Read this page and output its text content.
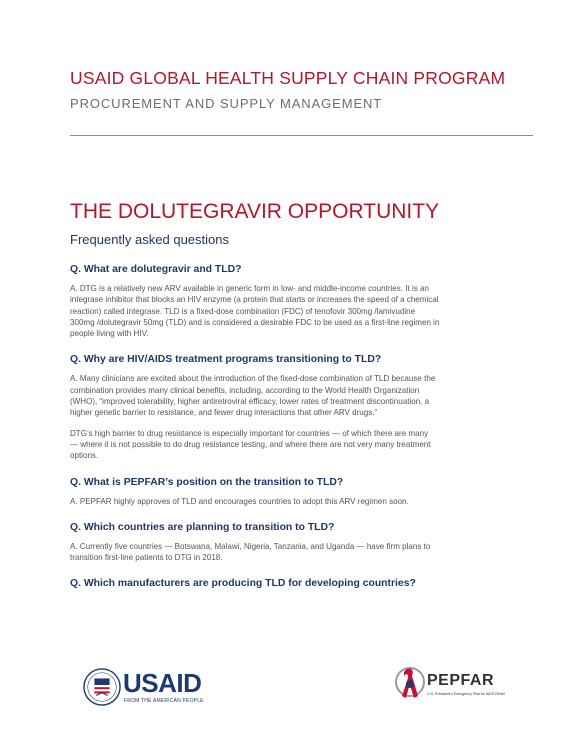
USAID GLOBAL HEALTH SUPPLY CHAIN PROGRAM
PROCUREMENT AND SUPPLY MANAGEMENT
THE DOLUTEGRAVIR OPPORTUNITY
Frequently asked questions
Q. What are dolutegravir and TLD?
A. DTG is a relatively new ARV available in generic form in low- and middle-income countries. It is an
integrase inhibitor that blocks an HIV enzyme (a protein that starts or increases the speed of a chemical
reaction) called integrase. TLD is a fixed-dose combination (FDC) of tenofovir 300mg /lamivudine
300mg /dolutegravir 50mg (TLD) and is considered a desirable FDC to be used as a first-line regimen in
people living with HIV.
Q. Why are HIV/AIDS treatment programs transitioning to TLD?
A. Many clinicians are excited about the introduction of the fixed-dose combination of TLD because the
combination provides many clinical benefits, including, according to the World Health Organization
(WHO), “improved tolerability, higher antiretroviral efficacy, lower rates of treatment discontinuation, a
higher genetic barrier to resistance, and fewer drug interactions that other ARV drugs.”
DTG’s high barrier to drug resistance is especially important for countries — of which there are many
— where it is not possible to do drug resistance testing, and where there are not very many treatment
options.
Q. What is PEPFAR’s position on the transition to TLD?
A. PEPFAR highly approves of TLD and encourages countries to adopt this ARV regimen soon.
Q. Which countries are planning to transition to TLD?
A. Currently five countries — Botswana, Malawi, Nigeria, Tanzania, and Uganda — have firm plans to
transition first-line patients to DTG in 2018.
Q. Which manufacturers are producing TLD for developing countries?
USAID
FROM THE AMERICAN PEOPLE
PEPFAR
U.S. President's Emergency Plan for AIDS Relief
